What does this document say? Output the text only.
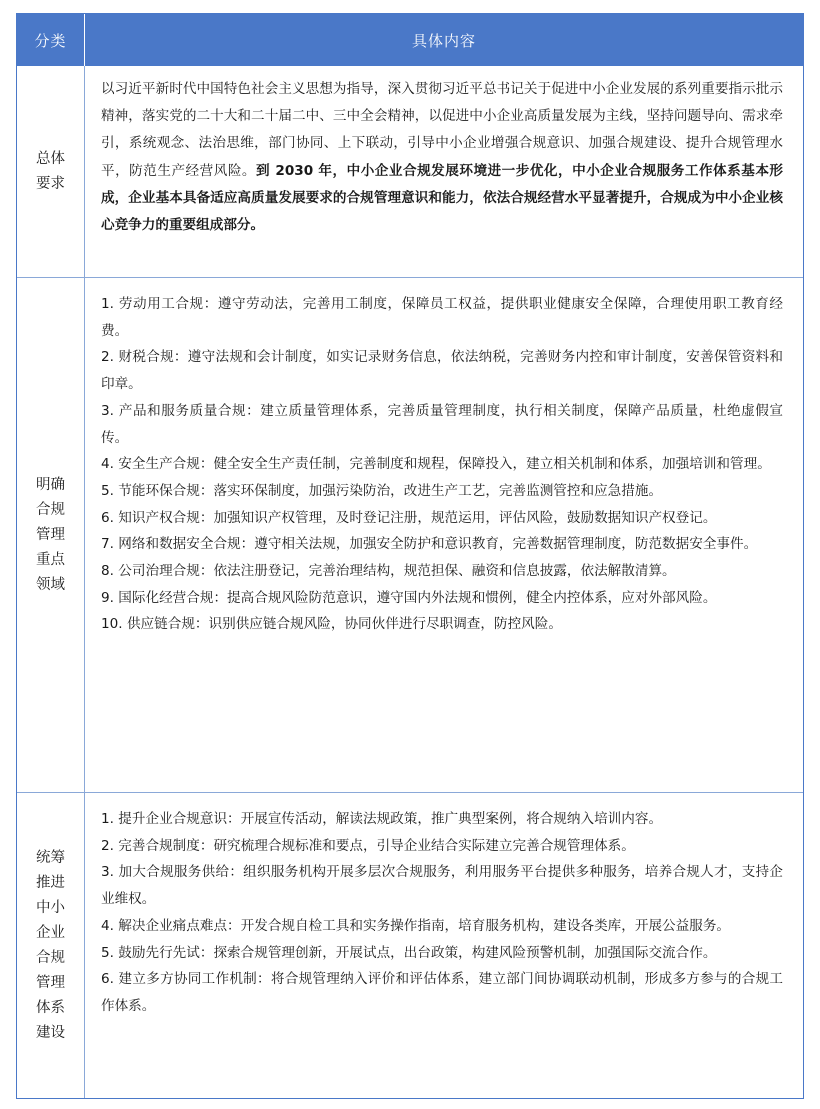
分类	具体内容
总体
要求

以习近平新时代中国特色社会主义思想为指导，深入贯彻习近平总书记关于促进中小企业发展的系列重要指示批示精神，落实党的二十大和二十届二中、三中全会精神，以促进中小企业高质量发展为主线，坚持问题导向、需求牵引，系统观念、法治思维，部门协同、上下联动，引导中小企业增强合规意识、加强合规建设、提升合规管理水平，防范生产经营风险。到 2030 年，中小企业合规发展环境进一步优化，中小企业合规服务工作体系基本形成，企业基本具备适应高质量发展要求的合规管理意识和能力，依法合规经营水平显著提升，合规成为中小企业核心竞争力的重要组成部分。

明确
合规
管理
重点
领域
1. 劳动用工合规：遵守劳动法，完善用工制度，保障员工权益，提供职业健康安全保障，合理使用职工教育经费。
2. 财税合规：遵守法规和会计制度，如实记录财务信息，依法纳税，完善财务内控和审计制度，安善保管资料和印章。
3. 产品和服务质量合规：建立质量管理体系，完善质量管理制度，执行相关制度，保障产品质量，杜绝虚假宣传。
4. 安全生产合规：健全安全生产责任制，完善制度和规程，保障投入，建立相关机制和体系，加强培训和管理。
5. 节能环保合规：落实环保制度，加强污染防治，改进生产工艺，完善监测管控和应急措施。
6. 知识产权合规：加强知识产权管理，及时登记注册，规范运用，评估风险，鼓励数据知识产权登记。
7. 网络和数据安全合规：遵守相关法规，加强安全防护和意识教育，完善数据管理制度，防范数据安全事件。
8. 公司治理合规：依法注册登记，完善治理结构，规范担保、融资和信息披露，依法解散清算。
9. 国际化经营合规：提高合规风险防范意识，遵守国内外法规和惯例，健全内控体系，应对外部风险。
10. 供应链合规：识别供应链合规风险，协同伙伴进行尽职调查，防控风险。
统筹
推进
中小
企业
合规
管理
体系
建设
1. 提升企业合规意识：开展宣传活动，解读法规政策，推广典型案例，将合规纳入培训内容。
2. 完善合规制度：研究梳理合规标准和要点，引导企业结合实际建立完善合规管理体系。
3. 加大合规服务供给：组织服务机构开展多层次合规服务，利用服务平台提供多种服务，培养合规人才，支持企业维权。
4. 解决企业痛点难点：开发合规自检工具和实务操作指南，培育服务机构，建设各类库，开展公益服务。
5. 鼓励先行先试：探索合规管理创新，开展试点，出台政策，构建风险预警机制，加强国际交流合作。
6. 建立多方协同工作机制：将合规管理纳入评价和评估体系，建立部门间协调联动机制，形成多方参与的合规工作体系。
